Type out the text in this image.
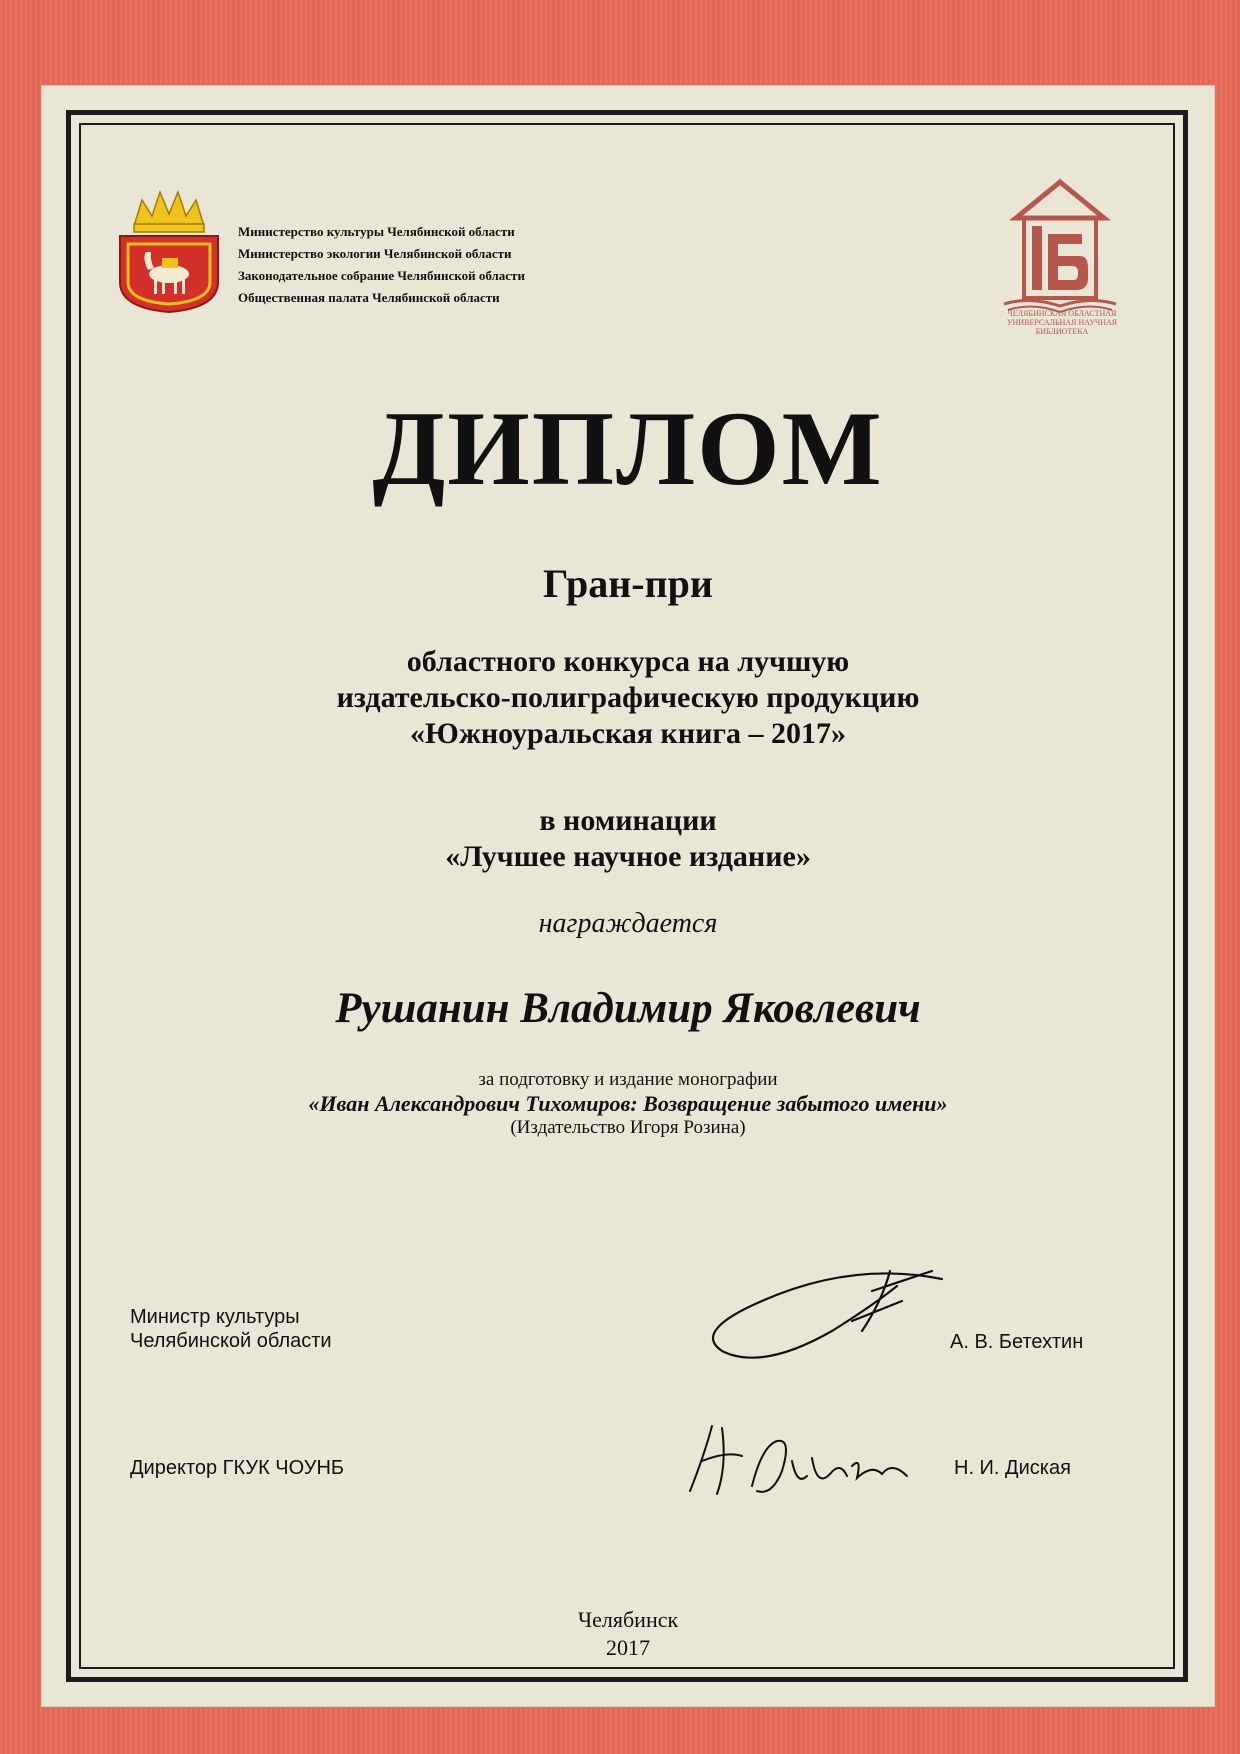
Министерство культуры Челябинской области
Министерство экологии Челябинской области
Законодательное собрание Челябинской области
Общественная палата Челябинской области
ЧЕЛЯБИНСКАЯ ОБЛАСТНАЯ УНИВЕРСАЛЬНАЯ НАУЧНАЯ БИБЛИОТЕКА
ДИПЛОМ
Гран-при
областного конкурса на лучшую
издательско-полиграфическую продукцию
«Южноуральская книга – 2017»
в номинации
«Лучшее научное издание»
награждается
Рушанин Владимир Яковлевич
за подготовку и издание монографии
«Иван Александрович Тихомиров: Возвращение забытого имени»
(Издательство Игоря Розина)
Министр культуры
Челябинской области	А. В. Бетехтин
Директор ГКУК ЧОУНБ	Н. И. Диская
Челябинск
2017
